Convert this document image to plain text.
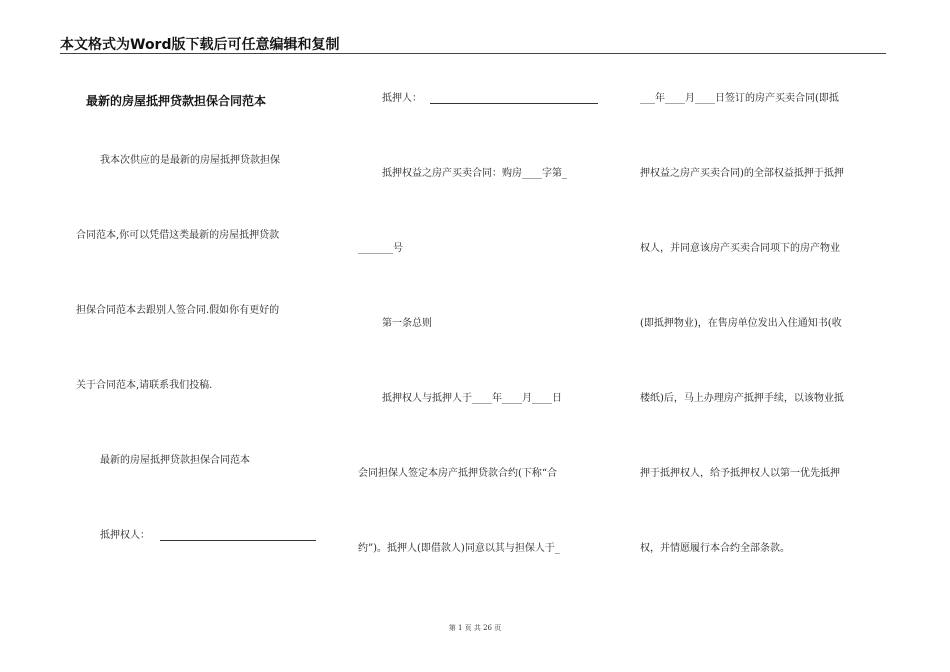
本文格式为Word版下载后可任意编辑和复制
最新的房屋抵押贷款担保合同范本
我本次供应的是最新的房屋抵押贷款担保
合同范本,你可以凭借这类最新的房屋抵押贷款
担保合同范本去跟别人签合同.假如你有更好的
关于合同范本,请联系我们投稿.
最新的房屋抵押贷款担保合同范本
抵押权人：
抵押人：
抵押权益之房产买卖合同：购房____字第_
_______号
第一条总则
抵押权人与抵押人于____年____月____日
会同担保人签定本房产抵押贷款合约(下称“合
约”)。抵押人(即借款人)同意以其与担保人于_
___年____月____日签订的房产买卖合同(即抵
押权益之房产买卖合同)的全部权益抵押于抵押
权人，并同意该房产买卖合同项下的房产物业
(即抵押物业)，在售房单位发出入住通知书(收
楼纸)后，马上办理房产抵押手续，以该物业抵
押于抵押权人，给予抵押权人以第一优先抵押
权，并情愿履行本合约全部条款。
第 1 页 共 26 页
